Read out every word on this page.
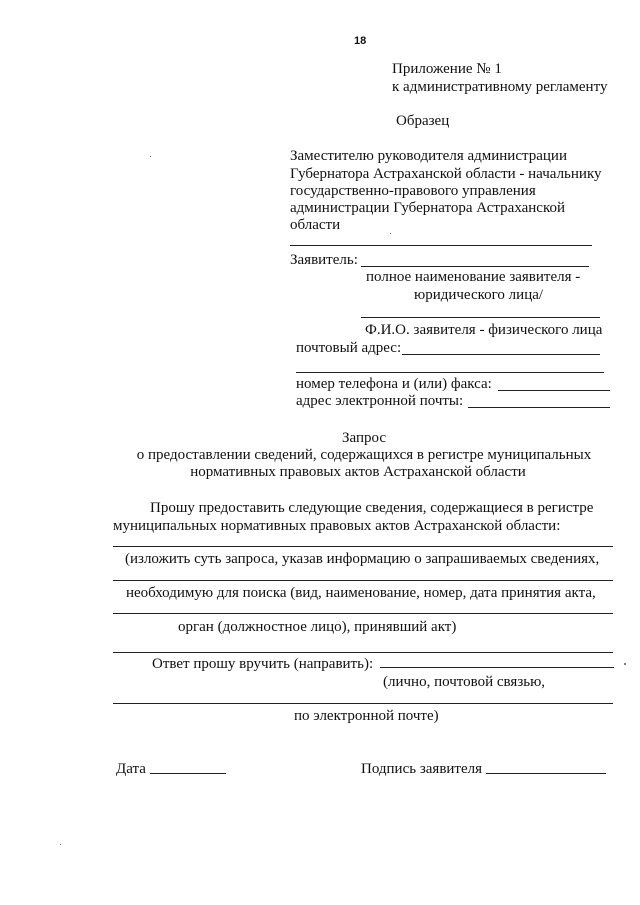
18
Приложение № 1
к административному регламенту
Образец
Заместителю руководителя администрации
Губернатора Астраханской области - начальнику
государственно-правового управления
администрации Губернатора Астраханской
области
Заявитель:
полное наименование заявителя -
юридического лица/
Ф.И.О. заявителя - физического лица
почтовый адрес:
номер телефона и (или) факса:
адрес электронной почты:
Запрос
о предоставлении сведений, содержащихся в регистре муниципальных
нормативных правовых актов Астраханской области
Прошу предоставить следующие сведения, содержащиеся в регистре
муниципальных нормативных правовых актов Астраханской области:
(изложить суть запроса, указав информацию о запрашиваемых сведениях,
необходимую для поиска (вид, наименование, номер, дата принятия акта,
орган (должностное лицо), принявший акт)
Ответ прошу вручить (направить):
(лично, почтовой связью,
по электронной почте)
Дата	Подпись заявителя
